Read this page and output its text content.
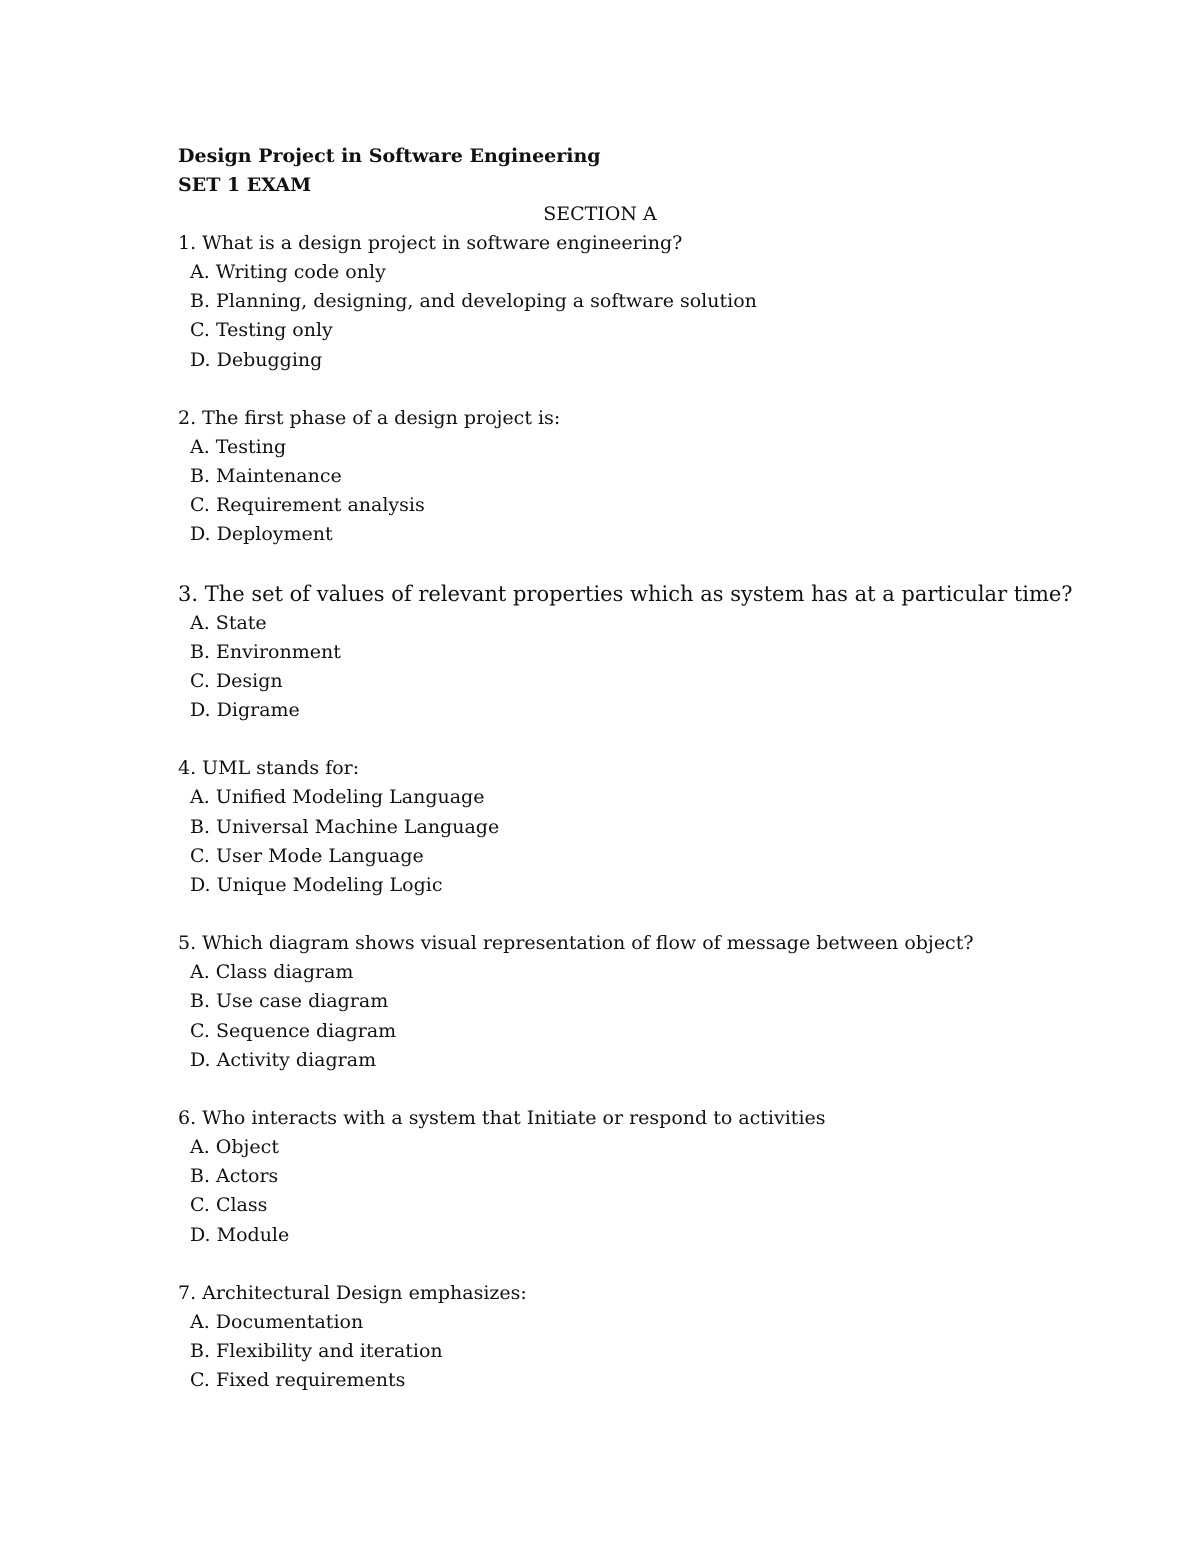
Design Project in Software Engineering
SET 1 EXAM
SECTION A
1. What is a design project in software engineering?
A. Writing code only
B. Planning, designing, and developing a software solution
C. Testing only
D. Debugging
2. The first phase of a design project is:
A. Testing
B. Maintenance
C. Requirement analysis
D. Deployment
3. The set of values of relevant properties which as system has at a particular time?
A. State
B. Environment
C. Design
D. Digrame
4. UML stands for:
A. Unified Modeling Language
B. Universal Machine Language
C. User Mode Language
D. Unique Modeling Logic
5. Which diagram shows visual representation of flow of message between object?
A. Class diagram
B. Use case diagram
C. Sequence diagram
D. Activity diagram
6. Who interacts with a system that Initiate or respond to activities
A. Object
B. Actors
C. Class
D. Module
7. Architectural Design emphasizes:
A. Documentation
B. Flexibility and iteration
C. Fixed requirements
